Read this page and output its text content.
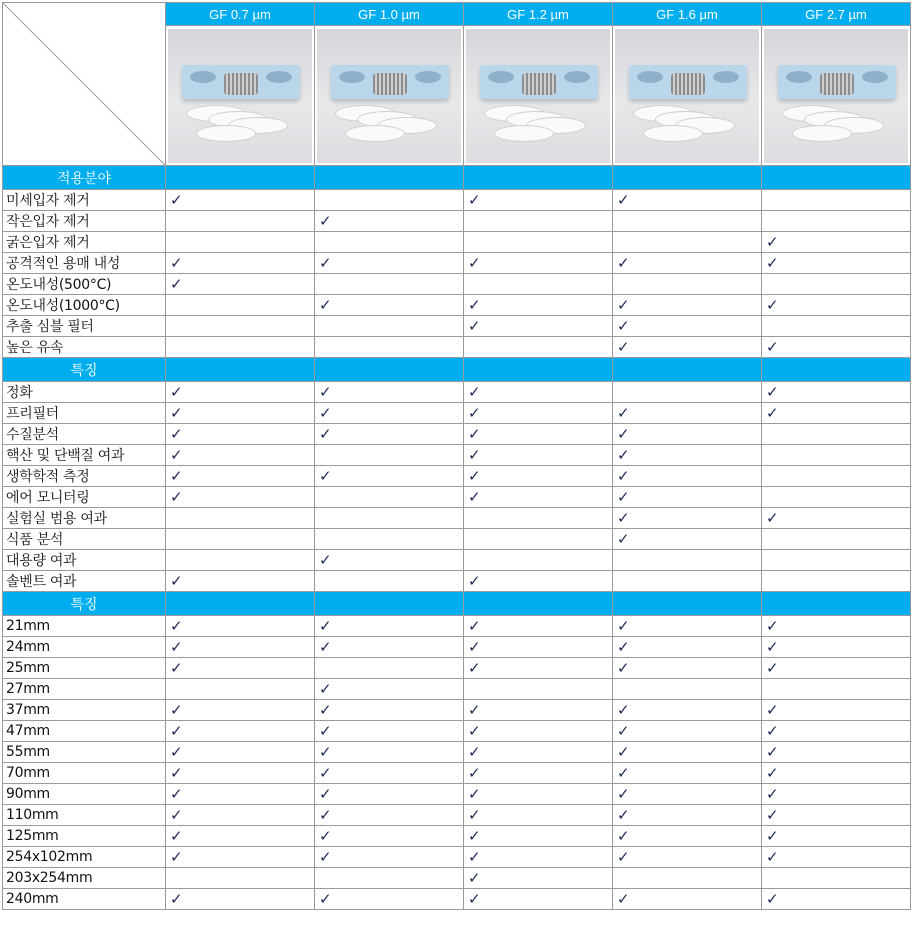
	GF 0.7 µm	GF 1.0 µm	GF 1.2 µm	GF 1.6 µm	GF 2.7 µm

적용분야					
미세입자 제거	✓		✓	✓	
작은입자 제거		✓			
굵은입자 제거					✓
공격적인 용매 내성	✓	✓	✓	✓	✓
온도내성(500°C)	✓				
온도내성(1000°C)		✓	✓	✓	✓
추출 심블 필터			✓	✓	
높은 유속				✓	✓
특징					
정화	✓	✓	✓		✓
프리필터	✓	✓	✓	✓	✓
수질분석	✓	✓	✓	✓	
핵산 및 단백질 여과	✓		✓	✓	
생학학적 측정	✓	✓	✓	✓	
에어 모니터링	✓		✓	✓	
실험실 범용 여과				✓	✓
식품 분석				✓	
대용량 여과		✓			
솔벤트 여과	✓		✓		
특징					
21mm	✓	✓	✓	✓	✓
24mm	✓	✓	✓	✓	✓
25mm	✓		✓	✓	✓
27mm		✓			
37mm	✓	✓	✓	✓	✓
47mm	✓	✓	✓	✓	✓
55mm	✓	✓	✓	✓	✓
70mm	✓	✓	✓	✓	✓
90mm	✓	✓	✓	✓	✓
110mm	✓	✓	✓	✓	✓
125mm	✓	✓	✓	✓	✓
254x102mm	✓	✓	✓	✓	✓
203x254mm			✓		
240mm	✓	✓	✓	✓	✓
